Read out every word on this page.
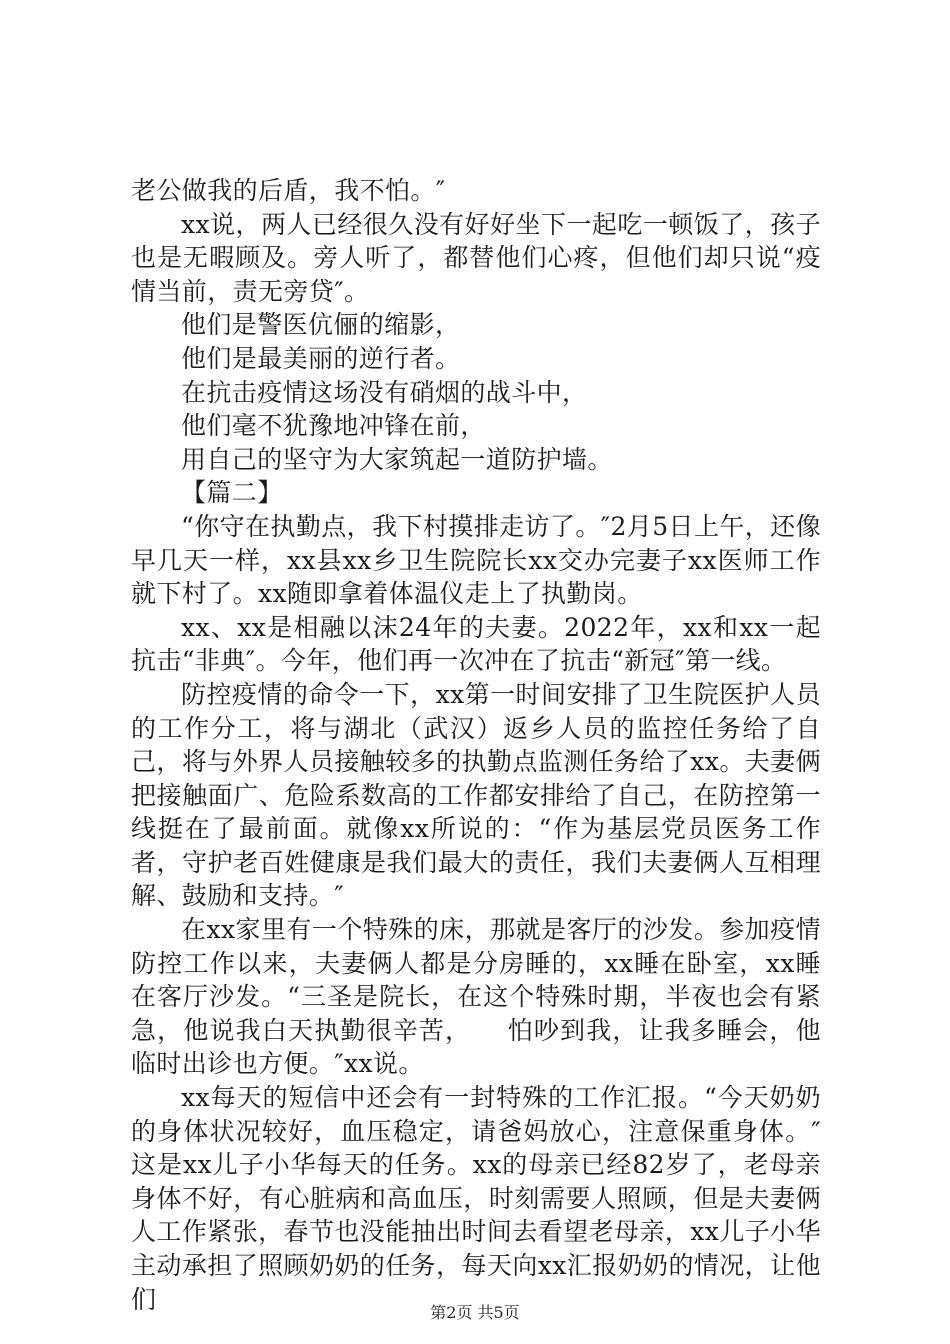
老公做我的后盾，我不怕。″

xx说，两人已经很久没有好好坐下一起吃一顿饭了，孩子也是无暇顾及。旁人听了，都替他们心疼，但他们却只说“疫情当前，责无旁贷″。

他们是警医伉俪的缩影，

他们是最美丽的逆行者。

在抗击疫情这场没有硝烟的战斗中，

他们毫不犹豫地冲锋在前，

用自己的坚守为大家筑起一道防护墙。

【篇二】

“你守在执勤点，我下村摸排走访了。″2月5日上午，还像早几天一样，xx县xx乡卫生院院长xx交办完妻子xx医师工作就下村了。xx随即拿着体温仪走上了执勤岗。

xx、xx是相融以沫24年的夫妻。2022年，xx和xx一起抗击“非典″。今年，他们再一次冲在了抗击“新冠″第一线。

防控疫情的命令一下，xx第一时间安排了卫生院医护人员的工作分工，将与湖北（武汉）返乡人员的监控任务给了自己，将与外界人员接触较多的执勤点监测任务给了xx。夫妻俩把接触面广、危险系数高的工作都安排给了自己，在防控第一线挺在了最前面。就像xx所说的：“作为基层党员医务工作者，守护老百姓健康是我们最大的责任，我们夫妻俩人互相理解、鼓励和支持。″

在xx家里有一个特殊的床，那就是客厅的沙发。参加疫情防控工作以来，夫妻俩人都是分房睡的，xx睡在卧室，xx睡在客厅沙发。“三圣是院长，在这个特殊时期，半夜也会有紧急，他说我白天执勤很辛苦，    怕吵到我，让我多睡会，他临时出诊也方便。″xx说。

xx每天的短信中还会有一封特殊的工作汇报。“今天奶奶的身体状况较好，血压稳定，请爸妈放心，注意保重身体。″这是xx儿子小华每天的任务。xx的母亲已经82岁了，老母亲身体不好，有心脏病和高血压，时刻需要人照顾，但是夫妻俩人工作紧张，春节也没能抽出时间去看望老母亲，xx儿子小华主动承担了照顾奶奶的任务，每天向xx汇报奶奶的情况，让他们	第2页 共5页
